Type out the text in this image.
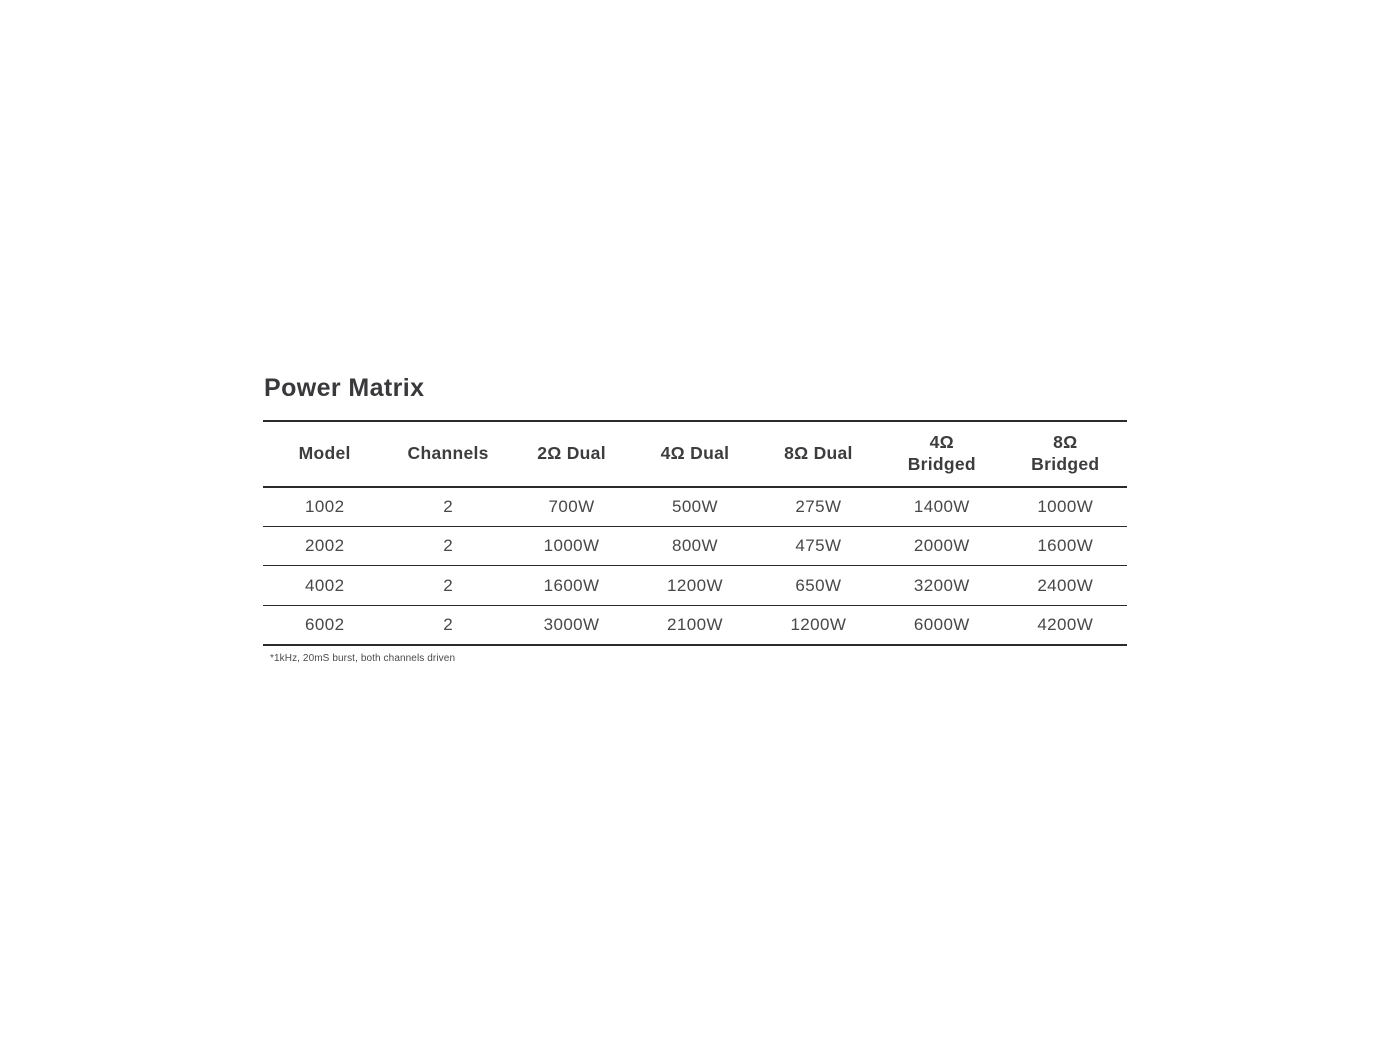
Power Matrix
Model	Channels	2Ω Dual	4Ω Dual	8Ω Dual	4Ω Bridged	8Ω Bridged
1002	2	700W	500W	275W	1400W	1000W
2002	2	1000W	800W	475W	2000W	1600W
4002	2	1600W	1200W	650W	3200W	2400W
6002	2	3000W	2100W	1200W	6000W	4200W
*1kHz, 20mS burst, both channels driven
